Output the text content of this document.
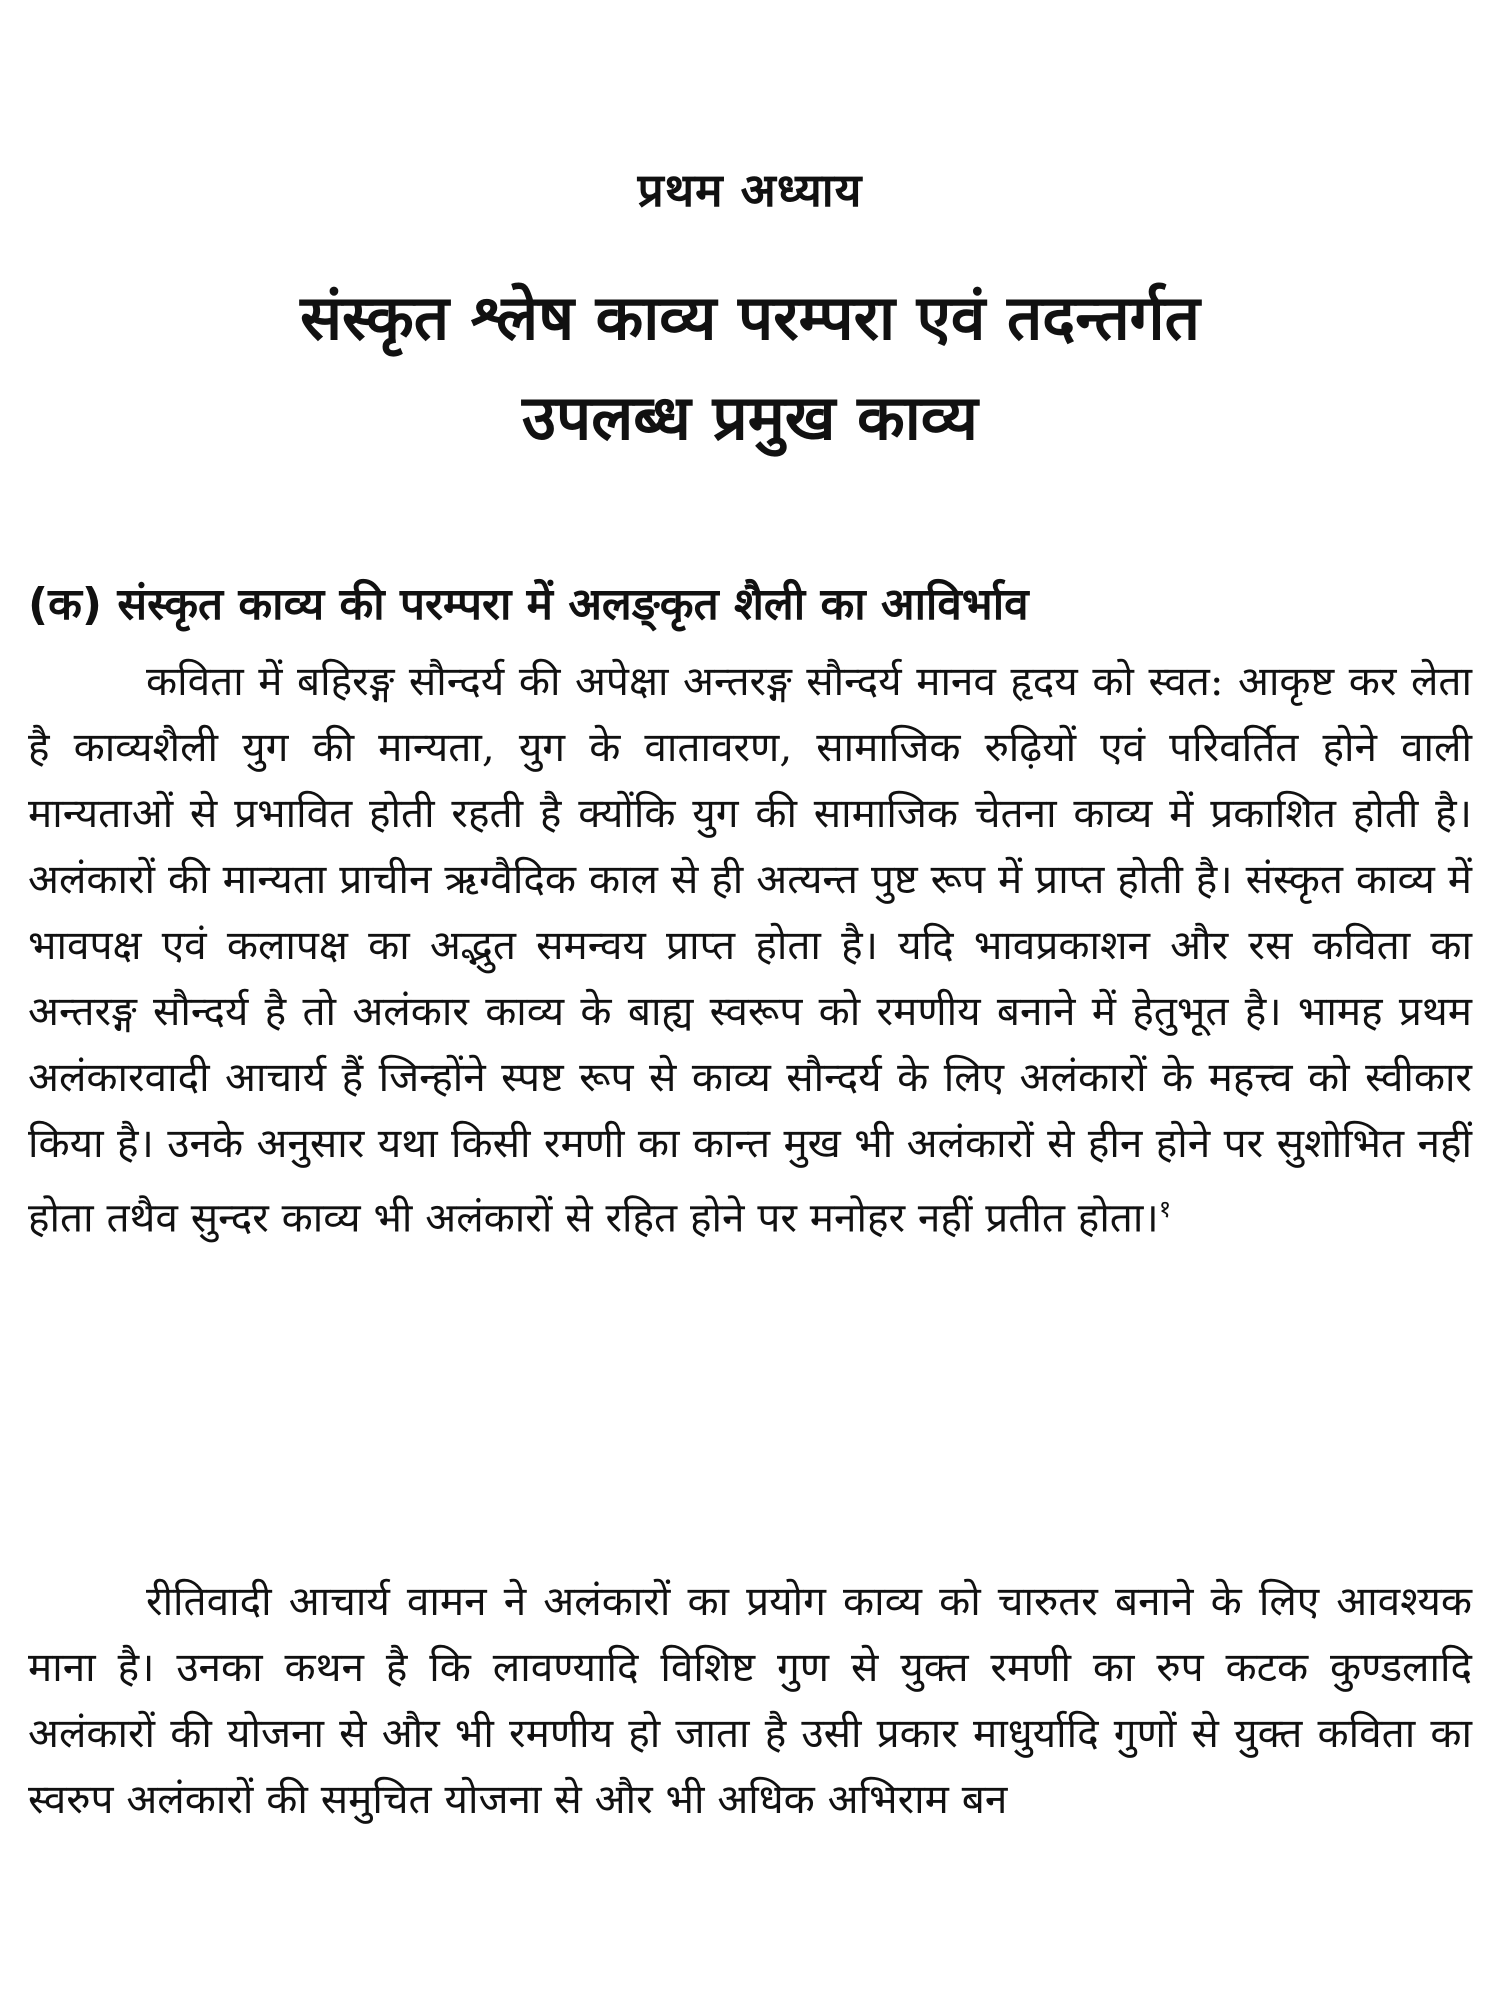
प्रथम अध्याय
संस्कृत श्लेष काव्य परम्परा एवं तदन्तर्गत
उपलब्ध प्रमुख काव्य
(क) संस्कृत काव्य की परम्परा में अलङ्कृत शैली का आविर्भाव

कविता में बहिरङ्ग सौन्दर्य की अपेक्षा अन्तरङ्ग सौन्दर्य मानव हृदय को स्वत: आकृष्ट कर लेता है काव्यशैली युग की मान्यता, युग के वातावरण, सामाजिक रुढ़ियों एवं परिवर्तित होने वाली मान्यताओं से प्रभावित होती रहती है क्योंकि युग की सामाजिक चेतना काव्य में प्रकाशित होती है। अलंकारों की मान्यता प्राचीन ऋग्वैदिक काल से ही अत्यन्त पुष्ट रूप में प्राप्त होती है। संस्कृत काव्य में भावपक्ष एवं कलापक्ष का अद्भुत समन्वय प्राप्त होता है। यदि भावप्रकाशन और रस कविता का अन्तरङ्ग सौन्दर्य है तो अलंकार काव्य के बाह्य स्वरूप को रमणीय बनाने में हेतुभूत है। भामह प्रथम अलंकारवादी आचार्य हैं जिन्होंने स्पष्ट रूप से काव्य सौन्दर्य के लिए अलंकारों के महत्त्व को स्वीकार किया है। उनके अनुसार यथा किसी रमणी का कान्त मुख भी अलंकारों से हीन होने पर सुशोभित नहीं होता तथैव सुन्दर काव्य भी अलंकारों से रहित होने पर मनोहर नहीं प्रतीत होता।$^१$

रीतिवादी आचार्य वामन ने अलंकारों का प्रयोग काव्य को चारुतर बनाने के लिए आवश्यक माना है। उनका कथन है कि लावण्यादि विशिष्ट गुण से युक्त रमणी का रुप कटक कुण्डलादि अलंकारों की योजना से और भी रमणीय हो जाता है उसी प्रकार माधुर्यादि गुणों से युक्त कविता का स्वरुप अलंकारों की समुचित योजना से और भी अधिक अभिराम बन
